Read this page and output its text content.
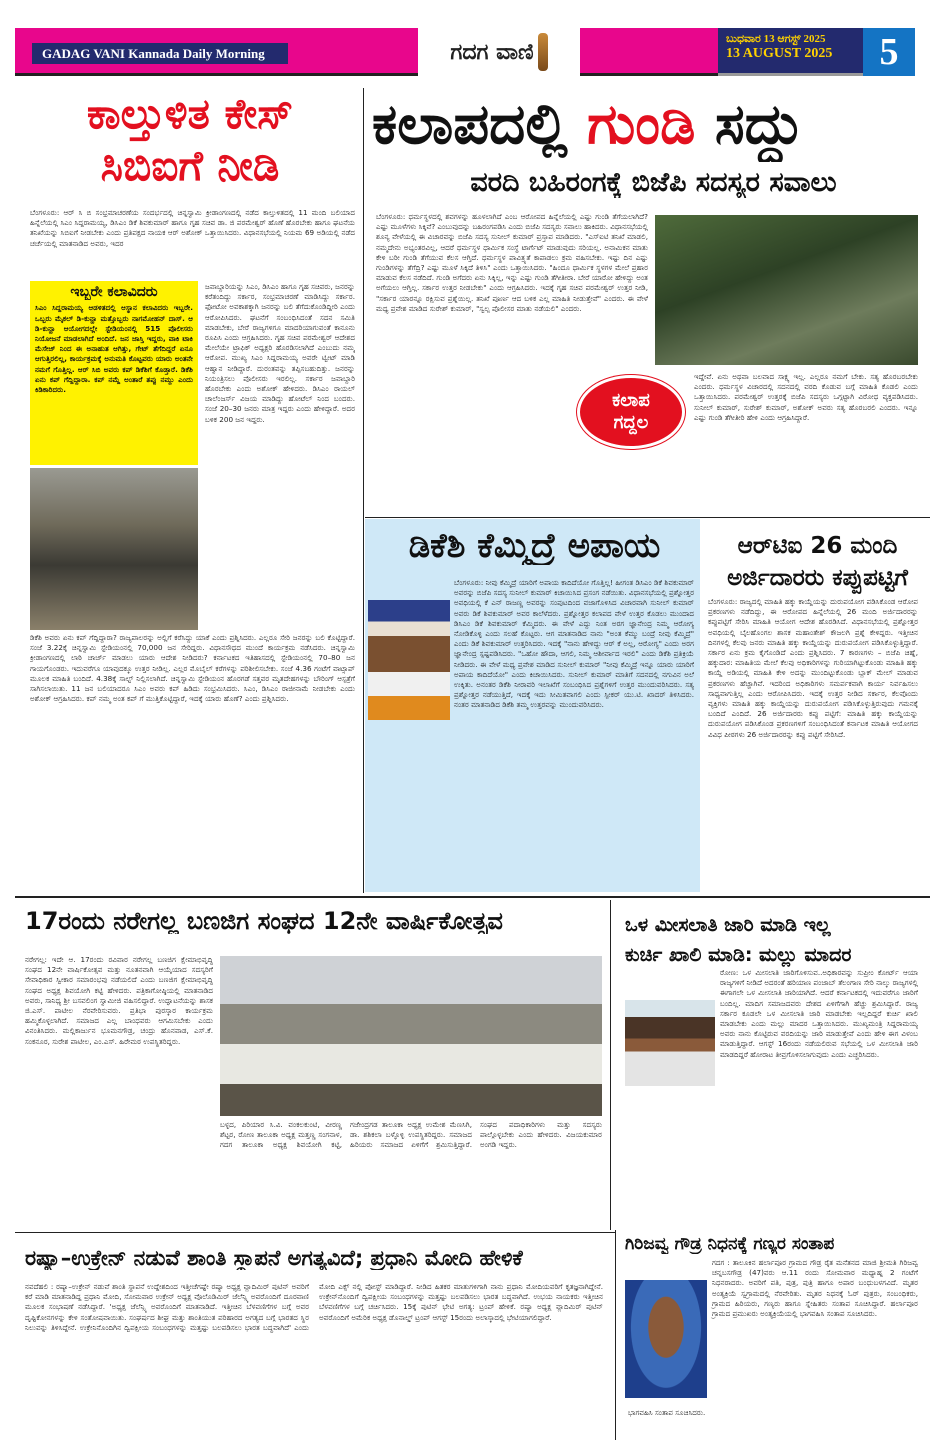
GADAG VANI Kannada Daily Morning	ಗದಗ ವಾಣಿ
ಬುಧವಾರ 13 ಆಗಸ್ಟ್ 2025
13 AUGUST 2025	5
ಕಾಲ್ತುಳಿತ ಕೇಸ್
ಸಿಬಿಐಗೆ ನೀಡಿ
ಬೆಂಗಳೂರು: ಆರ್ ಸಿ ಬಿ ಸಂಭ್ರಮಾಚರಣೆಯ ಸಂದರ್ಭದಲ್ಲಿ ಚಿನ್ನಸ್ವಾಮಿ ಕ್ರೀಡಾಂಗಣದಲ್ಲಿ ನಡೆದ ಕಾಲ್ತುಳಿತದಲ್ಲಿ 11 ಮಂದಿ ಬಲಿಯಾದ ಹಿನ್ನೆಲೆಯಲ್ಲಿ ಸಿಎಂ ಸಿದ್ದರಾಮಯ್ಯ, ಡಿಸಿಎಂ ಡಿಕೆ ಶಿವಕುಮಾರ್ ಹಾಗೂ ಗೃಹ ಸಚಿವ ಡಾ. ಜಿ ಪರಮೇಶ್ವರ್ ಹೊಣೆ ಹೊರಬೇಕು ಹಾಗೂ ಘಟನೆಯ ತನಿಖೆಯನ್ನು ಸಿಬಿಐಗೆ ನೀಡಬೇಕು ಎಂದು ಪ್ರತಿಪಕ್ಷದ ನಾಯಕ ಆರ್ ಅಶೋಕ್ ಒತ್ತಾಯಿಸಿದರು. ವಿಧಾನಸಭೆಯಲ್ಲಿ ನಿಯಮ 69 ಅಡಿಯಲ್ಲಿ ನಡೆದ ಚರ್ಚೆಯಲ್ಲಿ ಮಾತನಾಡಿದ ಅವರು, ಇದರ
ಇಬ್ಬರೇ ಕಲಾವಿದರು
ಸಿಎಂ ಸಿದ್ದರಾಮಯ್ಯ ಆಡಳಿತದಲ್ಲಿ ಆಸ್ಥಾನ ಕಲಾವಿದರು ಇಬ್ಬರೇ. ಒಬ್ಬರು ಮೈಕಲ್ ಡಿ-ಕುನ್ಹಾ ಮತ್ತೊಬ್ಬರು ನಾಗಮೋಹನ್ ದಾಸ್. ಆ ಡಿ-ಕುನ್ಹಾ ಆಯೋಗದಲ್ಲೇ ಸ್ಟೇಡಿಯಂನಲ್ಲಿ 515 ಪೊಲೀಸರು ನಿಯೋಜನೆ ಮಾಡಲಾಗಿದೆ ಅಂದಿದೆ. ಜನ ಜಾಸ್ತಿ ಇದ್ದರು, ವಾಕಿ ಟಾಕಿ ಮೆಸೇಜ್ ನಿಂದ ಈ ಅನಾಹುತ ಆಗಿತ್ತು, ಗೇಟ್ ತೆಗೆದಿದ್ದರೆ ಏನೂ ಆಗುತ್ತಿರಲಿಲ್ಲ, ಕಾರ್ಯಕ್ರಮಕ್ಕೆ ಅನುಮತಿ ಕೊಟ್ಟವರು ಯಾರು ಅಂತನೇ ನಮಗೆ ಗೊತ್ತಿಲ್ಲ. ಆರ್ ಸಿಬಿ ಅವರು ಕಪ್ ಡಿಕೆಶಿಗೆ ಕೊಡ್ತಾರೆ. ಡಿಕೆಶಿ ಏನು ಕಪ್ ಗೆದ್ದಿದ್ದಾರಾ. ಕಪ್ ನಮ್ದೆ ಅಂತಾರೆ ತಪ್ಪು ನಮ್ದು ಎಂದು ಕಿಡಿಕಾರಿದರು.
ಜವಾಬ್ದಾರಿಯನ್ನು ಸಿಎಂ, ಡಿಸಿಎಂ ಹಾಗೂ ಗೃಹ ಸಚಿವರು, ಜನರನ್ನು ಕರೆತಂದಿದ್ದು ಸರ್ಕಾರ, ಸಂಭ್ರಮಾಚರಣೆ ಮಾಡಿಸಿದ್ದು ಸರ್ಕಾರ. ಫೋಟೋ ಅವಕಾಶಕ್ಕಾಗಿ ಜನರನ್ನು ಬಲಿ ತೆಗೆದುಕೊಂಡಿದ್ದೀರಿ ಎಂದು ಆರೋಪಿಸಿದರು. ಘಟನೆಗೆ ಸಂಬಂಧಿಸಿದಂತೆ ಸದನ ಸಮಿತಿ ಮಾಡಬೇಕು, ಬೇರೆ ರಾಜ್ಯಗಳಿಗೂ ಮಾದರಿಯಾಗುವಂತೆ ಕಾನೂನು ರೂಪಿಸಿ ಎಂದು ಆಗ್ರಹಿಸಿದರು. ಗೃಹ ಸಚಿವ ಪರಮೇಶ್ವರ್ ಆದೇಶದ ಮೇಲೆಯೇ ಟ್ರಾಫಿಕ್ ಅಧ್ಯಕ್ಷರಿ ಹೊರಡಿಸಲಾಗಿದೆ ಎಂಬುದು ನಮ್ಮ ಆರೋಪ. ಮುಖ್ಯ ಸಿಎಂ ಸಿದ್ದರಾಮಯ್ಯ ಅವರೇ ಟ್ವೀಟ್ ಮಾಡಿ ಆಹ್ವಾನ ನೀಡಿದ್ದಾರೆ. ದುರಂತವನ್ನು ತಪ್ಪಿಸಬಹುದಿತ್ತು. ಜನರನ್ನು ನಿಯಂತ್ರಿಸಲು ಪೊಲೀಸರು ಇರಲಿಲ್ಲ. ಸರ್ಕಾರ ಜವಾಬ್ದಾರಿ ಹೊರಬೇಕು ಎಂದು ಅಶೋಕ್ ಹೇಳಿದರು. ಡಿಸಿಎಂ ರಾಯಲ್ ಚಾಲೆಂಜರ್ಸ್ ವಿಜಯ ಮಾಡಿದ್ದು ಹೋಟೆಲ್ ನಿಂದ ಬಂದರು. ಸಂಜೆ 20–30 ಜನರು ಮಾತ್ರ ಇದ್ದರು ಎಂದು ಹೇಳಿದ್ದಾರೆ. ಅದರ ಬಳಿಕ 200 ಜನ ಇದ್ದರು.
ಡಿಕೆಶಿ ಅವರು ಏನು ಕಪ್ ಗೆದ್ದಿದ್ದಾರಾ? ರಾಜ್ಯಪಾಲರನ್ನು ಅಲ್ಲಿಗೆ ಕರೆಸಿದ್ದು ಯಾಕೆ ಎಂದು ಪ್ರಶ್ನಿಸಿದರು. ಎಲ್ಲರೂ ಸೇರಿ ಜನರನ್ನು ಬಲಿ ಕೊಟ್ಟಿದ್ದಾರೆ. ಸಂಜೆ 3.22ಕ್ಕೆ ಚಿನ್ನಸ್ವಾಮಿ ಸ್ಟೇಡಿಯಂನಲ್ಲಿ 70,000 ಜನ ಸೇರಿದ್ದರು. ವಿಧಾನಸೌಧದ ಮುಂದೆ ಕಾರ್ಯಕ್ರಮ ನಡೆಸಿದರು. ಚಿನ್ನಸ್ವಾಮಿ ಕ್ರೀಡಾಂಗಣದಲ್ಲಿ ಲಾಠಿ ಚಾರ್ಜ್ ಮಾಡಲು ಯಾರು ಆದೇಶ ನೀಡಿದರು? ಕರ್ನಾಟಕದ ಇತಿಹಾಸದಲ್ಲಿ ಸ್ಟೇಡಿಯಂನಲ್ಲಿ 70–80 ಜನ ಗಾಯಗೊಂಡರು. ಇದುವರೆಗೂ ಯಾವುದಕ್ಕೂ ಉತ್ತರ ನೀಡಿಲ್ಲ. ಎಲ್ಲರ ಮೊಬೈಲ್ ಕರೆಗಳನ್ನು ಪರಿಶೀಲಿಸಬೇಕು. ಸಂಜೆ 4.36 ಗಂಟೆಗೆ ವಾಟ್ಸಾಪ್ ಮೂಲಕ ಮಾಹಿತಿ ಬಂದಿದೆ. 4.38ಕ್ಕೆ ಸಾಲ್ಟ್ ನಿಲ್ಲಿಸಲಾಗಿದೆ. ಚಿನ್ನಸ್ವಾಮಿ ಸ್ಟೇಡಿಯಂನ ಹೊರಗಡೆ ಸತ್ತವರ ಮೃತದೇಹಗಳನ್ನು ಬೌರಿಂಗ್ ಆಸ್ಪತ್ರೆಗೆ ಸಾಗಿಸಲಾಯಿತು. 11 ಜನ ಬಲಿಯಾದರೂ ಸಿಎಂ ಅವರು ಕಪ್ ಹಿಡಿದು ಸಂಭ್ರಮಿಸಿದರು. ಸಿಎಂ, ಡಿಸಿಎಂ ರಾಜೀನಾಮೆ ನೀಡಬೇಕು ಎಂದು ಅಶೋಕ್ ಆಗ್ರಹಿಸಿದರು. ಕಪ್ ನಮ್ಮ ಅಂತ ಕಪ್ ಗೆ ಮುತ್ತಿಕೊಟ್ಟಿದ್ದಾರೆ, ಇದಕ್ಕೆ ಯಾರು ಹೊಣೆ? ಎಂದು ಪ್ರಶ್ನಿಸಿದರು.
ಕಲಾಪದಲ್ಲಿ ಗುಂಡಿ ಸದ್ದು
ವರದಿ ಬಹಿರಂಗಕ್ಕೆ ಬಿಜೆಪಿ ಸದಸ್ಯರ ಸವಾಲು
ಬೆಂಗಳೂರು: ಧರ್ಮಸ್ಥಳದಲ್ಲಿ ಶವಗಳನ್ನು ಹೂಳಲಾಗಿದೆ ಎಂಬ ಆರೋಪದ ಹಿನ್ನೆಲೆಯಲ್ಲಿ ಎಷ್ಟು ಗುಂಡಿ ತೆಗೆಯಲಾಗಿದೆ? ಎಷ್ಟು ಮೂಳೆಗಳು ಸಿಕ್ಕಿವೆ? ಎಂಬುವುದನ್ನು ಬಹಿರಂಗಪಡಿಸಿ ಎಂದು ಬಿಜೆಪಿ ಸದಸ್ಯರು ಸವಾಲು ಹಾಕಿದರು. ವಿಧಾನಸಭೆಯಲ್ಲಿ ಶೂನ್ಯ ವೇಳೆಯಲ್ಲಿ ಈ ವಿಚಾರವನ್ನು ಬಿಜೆಪಿ ಸದಸ್ಯ ಸುನೀಲ್ ಕುಮಾರ್ ಪ್ರಸ್ತಾಪ ಮಾಡಿದರು. "ಎಸ್ಐಟಿ ತನಿಖೆ ಮಾಡಲಿ, ನಮ್ಮದೇನು ಅಭ್ಯಂತರವಿಲ್ಲ, ಆದರೆ ಧರ್ಮಸ್ಥಳ ಧಾರ್ಮಿಕ ಸಂಸ್ಥೆ ಟಾರ್ಗೆಟ್ ಮಾಡುವುದು ಸರಿಯಲ್ಲ. ಅನಾಮಿಕನ ಮಾತು ಕೇಳಿ ಬರೀ ಗುಂಡಿ ತೆಗೆಯುವ ಕೆಲಸ ಆಗ್ತಿದೆ. ಧರ್ಮಸ್ಥಳ ಪಾವಿತ್ರ್ಯತೆ ಕಾಪಾಡಲು ಕ್ರಮ ವಹಿಸಬೇಕು. ಇಷ್ಟು ದಿನ ಎಷ್ಟು ಗುಂಡಿಗಳನ್ನು ತೆಗೆದ್ರಿ? ಎಷ್ಟು ಮೂಳೆ ಸಿಕ್ಕಿದೆ ತಿಳಿಸಿ" ಎಂದು ಒತ್ತಾಯಿಸಿದರು. "ಹಿಂದೂ ಧಾರ್ಮಿಕ ಸ್ಥಳಗಳ ಮೇಲೆ ಪ್ರಹಾರ ಮಾಡುವ ಕೆಲಸ ನಡೆದಿದೆ. ಗುಂಡಿ ಅಗೆದರು ಏನು ಸಿಕ್ಕಿಲ್ಲ, ಇನ್ನು ಎಷ್ಟು ಗುಂಡಿ ತೆಗೀತೀರಾ. ಬೇರೆ ಯಾರೋ ಹೇಳಿದ್ದು ಅಂತ ಅಗೆಯಲು ಆಗ್ತಿಲ್ಲ. ಸರ್ಕಾರ ಉತ್ತರ ನೀಡಬೇಕು" ಎಂದು ಆಗ್ರಹಿಸಿದರು. ಇದಕ್ಕೆ ಗೃಹ ಸಚಿವ ಪರಮೇಶ್ವರ್ ಉತ್ತರ ನೀಡಿ, "ಸರ್ಕಾರ ಯಾರನ್ನೂ ರಕ್ಷಿಸುವ ಪ್ರಶ್ನೆಯಿಲ್ಲ. ತನಿಖೆ ಪೂರ್ಣ ಆದ ಬಳಿಕ ಎಲ್ಲ ಮಾಹಿತಿ ನೀಡುತ್ತೇವೆ" ಎಂದರು. ಈ ವೇಳೆ ಮಧ್ಯ ಪ್ರವೇಶ ಮಾಡಿದ ಸುರೇಶ್ ಕುಮಾರ್, "ಸ್ವಲ್ಪ ಪೊಲೀಸರ ಮಾತು ನಡೆಯಲಿ" ಎಂದರು.
ಕಲಾಪ
ಗದ್ದಲ
ಇದ್ದೇವೆ. ಏನು ಅಥವಾ ಬಲವಾದ ಸಾಕ್ಷ್ಯ ಇಲ್ಲ. ಎಲ್ಲರೂ ನಮಗೆ ಬೇಕು. ಸತ್ಯ ಹೊರಬರಬೇಕು ಎಂದರು. ಧರ್ಮಸ್ಥಳ ವಿಚಾರದಲ್ಲಿ ಸದನದಲ್ಲಿ ವರದಿ ಕೊಡುವ ಬಗ್ಗೆ ಮಾಹಿತಿ ಕೊಡಲಿ ಎಂದು ಒತ್ತಾಯಿಸಿದರು. ಪರಮೇಶ್ವರ್ ಉತ್ತರಕ್ಕೆ ಬಿಜೆಪಿ ಸದಸ್ಯರು ಒಗ್ಗಟ್ಟಾಗಿ ವಿರೋಧ ವ್ಯಕ್ತಪಡಿಸಿದರು. ಸುನೀಲ್ ಕುಮಾರ್, ಸುರೇಶ್ ಕುಮಾರ್, ಅಶೋಕ್ ಅವರು ಸತ್ಯ ಹೊರಬರಲಿ ಎಂದರು. ಇನ್ನೂ ಎಷ್ಟು ಗುಂಡಿ ತೆಗೀತೀರಿ ಹೇಳಿ ಎಂದು ಆಗ್ರಹಿಸಿದ್ದಾರೆ.
ಡಿಕೆಶಿ ಕೆಮ್ಮಿದ್ರೆ ಅಪಾಯ
ಬೆಂಗಳೂರು: ನೀವು ಕೆಮ್ಮಿದ್ರೆ ಯಾರಿಗೆ ಅಪಾಯ ಕಾದಿದೆಯೋ ಗೊತ್ತಿಲ್ಲ! ಹೀಗಂತ ಡಿಸಿಎಂ ಡಿಕೆ ಶಿವಕುಮಾರ್ ಅವರನ್ನು ಬಿಜೆಪಿ ಸದಸ್ಯ ಸುನೀಲ್ ಕುಮಾರ್ ಕಿಚಾಯಿಸಿದ ಪ್ರಸಂಗ ನಡೆಯಿತು. ವಿಧಾನಸಭೆಯಲ್ಲಿ ಪ್ರಶ್ನೋತ್ತರ ಅವಧಿಯಲ್ಲಿ ಕೆ ಎನ್ ರಾಜಣ್ಣ ಅವರನ್ನು ಸಂಪುಟದಿಂದ ವಜಾಗೊಳಿಸಿದ ವಿಚಾರವಾಗಿ ಸುನೀಲ್ ಕುಮಾರ್ ಅವರು ಡಿಕೆ ಶಿವಕುಮಾರ್ ಅವರ ಕಾಲೆಳೆದರು. ಪ್ರಶ್ನೋತ್ತರ ಕಲಾಪದ ವೇಳೆ ಉತ್ತರ ಕೊಡಲು ಮುಂದಾದ ಡಿಸಿಎಂ ಡಿಕೆ ಶಿವಕುಮಾರ್ ಕೆಮ್ಮಿದರು. ಈ ವೇಳೆ ಎದ್ದು ನಿಂತ ಅರಗ ಜ್ಞಾನೇಂದ್ರ ನಿಮ್ಮ ಆರೋಗ್ಯ ನೋಡಿಕೊಳ್ಳಿ ಎಂದು ಸಲಹೆ ಕೊಟ್ಟರು. ಆಗ ಮಾತನಾಡಿದ ನಾನು "ಅಂತ ಕೆಮ್ಮು ಬಂದ್ರೆ ನೀವು ಕೆಮ್ಮಿದ್ರೆ" ಎಂದು ಡಿಕೆ ಶಿವಕುಮಾರ್ ಉತ್ತರಿಸಿದರು. ಇದಕ್ಕೆ "ನಾನು ಹೇಳಿದ್ದು ಆರ್ ಕೆ ಅಲ್ಲ, ಆರೋಗ್ಯ" ಎಂದು ಅರಗ ಜ್ಞಾನೇಂದ್ರ ಸ್ಪಷ್ಟಪಡಿಸಿದರು. "ಒಹೋ ಹೌದಾ, ಆಗಲಿ, ನಿಮ್ಮ ಆಶೀರ್ವಾದ ಇರಲಿ" ಎಂದು ಡಿಕೆಶಿ ಪ್ರತಿಕ್ರಿಯೆ ನೀಡಿದರು. ಈ ವೇಳೆ ಮಧ್ಯ ಪ್ರವೇಶ ಮಾಡಿದ ಸುನೀಲ್ ಕುಮಾರ್ "ನೀವು ಕೆಮ್ಮಿದ್ರೆ ಇನ್ನೂ ಯಾರು ಯಾರಿಗೆ ಅಪಾಯ ಕಾದಿದೆಯೋ" ಎಂದು ಕಿಚಾಯಿಸಿದರು. ಸುನೀಲ್ ಕುಮಾರ್ ಮಾತಿಗೆ ಸದನದಲ್ಲಿ ನಗುವಿನ ಅಲೆ ಉಕ್ಕಿತು. ಅನಂತರ ಡಿಕೆಶಿ ನೀರಾವರಿ ಇಲಾಖೆಗೆ ಸಂಬಂಧಿಸಿದ ಪ್ರಶ್ನೆಗಳಿಗೆ ಉತ್ತರ ಮುಂದುವರಿಸಿದರು. ಸತ್ಯ ಪ್ರಶ್ನೋತ್ತರ ನಡೆಯುತ್ತಿದೆ, ಇದಕ್ಕೆ ಇದು ಸೀಮಿತವಾಗಲಿ ಎಂದು ಸ್ಪೀಕರ್ ಯು.ಟಿ. ಖಾದರ್ ತಿಳಿಸಿದರು. ನಂತರ ಮಾತನಾಡಿದ ಡಿಕೆಶಿ ತಮ್ಮ ಉತ್ತರವನ್ನು ಮುಂದುವರಿಸಿದರು.
ಆರ್‌ಟಿಐ 26 ಮಂದಿ
ಅರ್ಜಿದಾರರು ಕಪ್ಪುಪಟ್ಟಿಗೆ
ಬೆಂಗಳೂರು: ರಾಜ್ಯದಲ್ಲಿ ಮಾಹಿತಿ ಹಕ್ಕು ಕಾಯ್ದೆಯನ್ನು ದುರುಪಯೋಗ ಪಡಿಸಿಕೊಂಡ ಆರೋಪ ಪ್ರಕರಣಗಳು ನಡೆದಿದ್ದು, ಈ ಆರೋಪದ ಹಿನ್ನೆಲೆಯಲ್ಲಿ 26 ಮಂದಿ ಅರ್ಜಿದಾರರನ್ನು ಕಪ್ಪುಪಟ್ಟಿಗೆ ಸೇರಿಸಿ ಮಾಹಿತಿ ಆಯೋಗ ಆದೇಶ ಹೊರಡಿಸಿದೆ. ವಿಧಾನಸಭೆಯಲ್ಲಿ ಪ್ರಶ್ನೋತ್ತರ ಅವಧಿಯಲ್ಲಿ ಬೈಲಹೊಂಗಲ ಶಾಸಕ ಮಹಾಂತೇಶ್ ಕೌಜಲಗಿ ಪ್ರಶ್ನೆ ಕೇಳಿದ್ದರು. ಇತ್ತೀಚಿನ ದಿನಗಳಲ್ಲಿ ಕೆಲವು ಜನರು ಮಾಹಿತಿ ಹಕ್ಕು ಕಾಯ್ದೆಯನ್ನು ದುರುಪಯೋಗ ಪಡಿಸಿಕೊಳ್ಳುತ್ತಿದ್ದಾರೆ. ಸರ್ಕಾರ ಏನು ಕ್ರಮ ಕೈಗೊಂಡಿದೆ ಎಂದು ಪ್ರಶ್ನಿಸಿದರು. 7 ಕಾರಣಗಳು – ಬಿಜೆಪಿ ಚಿಹ್ನೆ, ಹಕ್ಕುದಾರ: ಮಾಹಿತಿಯ ಮೇಲೆ ಕೆಲವು ಅಧಿಕಾರಿಗಳನ್ನು ಗುರಿಯಾಗಿಟ್ಟುಕೊಂಡು ಮಾಹಿತಿ ಹಕ್ಕು ಕಾಯ್ದೆ ಅಡಿಯಲ್ಲಿ ಮಾಹಿತಿ ಕೇಳಿ ಅದನ್ನು ಮುಂದಿಟ್ಟುಕೊಂಡು ಬ್ಲಾಕ್ ಮೇಲ್ ಮಾಡುವ ಪ್ರಕರಣಗಳು ಹೆಚ್ಚಾಗಿವೆ. ಇದರಿಂದ ಅಧಿಕಾರಿಗಳು ಸಮರ್ಪಕವಾಗಿ ಕಾರ್ಯ ನಿರ್ವಹಿಸಲು ಸಾಧ್ಯವಾಗುತ್ತಿಲ್ಲ ಎಂದು ಆರೋಪಿಸಿದರು. ಇದಕ್ಕೆ ಉತ್ತರ ನೀಡಿದ ಸರ್ಕಾರ, ಕೆಲವೊಂದು ವ್ಯಕ್ತಿಗಳು ಮಾಹಿತಿ ಹಕ್ಕು ಕಾಯ್ದೆಯನ್ನು ದುರುಪಯೋಗ ಪಡಿಸಿಕೊಳ್ಳುತ್ತಿರುವುದು ಗಮನಕ್ಕೆ ಬಂದಿದೆ ಎಂದಿದೆ. 26 ಅರ್ಜಿದಾರರು ಕಪ್ಪು ಪಟ್ಟಿಗೆ: ಮಾಹಿತಿ ಹಕ್ಕು ಕಾಯ್ದೆಯನ್ನು ದುರುಪಯೋಗ ಪಡಿಸಿಕೊಂಡ ಪ್ರಕರಣಗಳಿಗೆ ಸಂಬಂಧಿಸಿದಂತೆ ಕರ್ನಾಟಕ ಮಾಹಿತಿ ಆಯೋಗದ ವಿವಿಧ ಪೀಠಗಳು 26 ಅರ್ಜಿದಾರರನ್ನು ಕಪ್ಪು ಪಟ್ಟಿಗೆ ಸೇರಿಸಿದೆ.
17ರಂದು ನರೇಗಲ್ಲ ಬಣಜಿಗ ಸಂಘದ 12ನೇ ವಾರ್ಷಿಕೋತ್ಸವ
ನರೇಗಲ್ಲ: ಇದೇ ಆ. 17ರಂದು ರವಿವಾರ ನರೇಗಲ್ಲ ಬಣಜಿಗ ಕ್ಷೇಮಾಭಿವೃದ್ಧಿ ಸಂಘದ 12ನೇ ವಾರ್ಷಿಕೋತ್ಸವ ಮತ್ತು ನೂತನವಾಗಿ ಆಯ್ಕೆಯಾದ ಸದಸ್ಯರಿಗೆ ಸೇವಾಧಿಕಾರ ಸ್ವೀಕಾರ ಸಮಾರಂಭವು ನಡೆಯಲಿದೆ ಎಂದು ಬಣಜಿಗ ಕ್ಷೇಮಾಭಿವೃದ್ಧಿ ಸಂಘದ ಅಧ್ಯಕ್ಷ ಶಿವಯೋಗಿ ಕಟ್ಟಿ ಹೇಳಿದರು. ಪತ್ರಿಕಾಗೋಷ್ಠಿಯಲ್ಲಿ ಮಾತನಾಡಿದ ಅವರು, ಸಾನಿಧ್ಯ ಶ್ರೀ ಬಸವಲಿಂಗ ಸ್ವಾಮೀಜಿ ವಹಿಸಲಿದ್ದಾರೆ. ಉದ್ಘಾಟನೆಯನ್ನು ಶಾಸಕ ಜಿ.ಎಸ್. ಪಾಟೀಲ ನೆರವೇರಿಸುವರು. ಪ್ರತಿಭಾ ಪುರಸ್ಕಾರ ಕಾರ್ಯಕ್ರಮ ಹಮ್ಮಿಕೊಳ್ಳಲಾಗಿದೆ. ಸಮಾಜದ ಎಲ್ಲ ಬಾಂಧವರು ಆಗಮಿಸಬೇಕು ಎಂದು ವಿನಂತಿಸಿದರು. ಮಲ್ಲಿಕಾರ್ಜುನ ಭೂಮನಗೌಡ್ರ, ಚಂದ್ರು ಹೊನವಾಡ, ಎಸ್.ಕೆ. ಸಂಕನೂರ, ಸುರೇಶ ಪಾಟೀಲ, ಎಂ.ಎಸ್. ಹಿರೇಮಠ ಉಪಸ್ಥಿತರಿದ್ದರು.
ಬಳ್ಳದ, ಪಿರಿಯಾರ ಸಿ.ವಿ. ವಂಕಲಕುಂಟಿ, ವೀರಣ್ಣ ಶೆಟ್ಟರ, ರೋಣ ತಾಲೂಕಾ ಅಧ್ಯಕ್ಷ ಮತ್ತಣ್ಣ ಸಂಗನಾಳ, ಗದಗ ತಾಲೂಕಾ ಅಧ್ಯಕ್ಷ ಶಿವಯೋಗಿ ಕಟ್ಟಿ, ಗಜೇಂದ್ರಗಡ ತಾಲೂಕಾ ಅಧ್ಯಕ್ಷ ಉಮೇಶ ಮೆಣಸಿಗಿ, ಡಾ. ಶಶಿಕಲಾ ಬಳ್ಳೊಳ್ಳಿ ಉಪಸ್ಥಿತರಿದ್ದರು. ಸಮಾಜದ ಹಿರಿಯರು ಸಮಾಜದ ಏಳಿಗೆಗೆ ಶ್ರಮಿಸುತ್ತಿದ್ದಾರೆ. ಸಂಘದ ಪದಾಧಿಕಾರಿಗಳು ಮತ್ತು ಸದಸ್ಯರು ಪಾಲ್ಗೊಳ್ಳಬೇಕು ಎಂದು ಹೇಳಿದರು. ವಿಜಯಕುಮಾರ ಅಂಗಡಿ ಇದ್ದರು.
ಒಳ ಮೀಸಲಾತಿ ಜಾರಿ ಮಾಡಿ ಇಲ್ಲ
ಕುರ್ಚಿ ಖಾಲಿ ಮಾಡಿ: ಮಲ್ಲು ಮಾದರ
ರೋಣ: ಒಳ ಮೀಸಲಾತಿ ಜಾರಿಗೊಳಿಸುವ..ಅಧಿಕಾರವನ್ನು ಸುಪ್ರೀಂ ಕೋರ್ಟ್ ಆಯಾ ರಾಜ್ಯಗಳಿಗೆ ನೀಡಿದೆ ಅದರಂತೆ ಹರಿಯಾಣ ಪಂಜಾಬ್ ತೆಲಂಗಾಣ ಸೇರಿ ನಾಲ್ಕು ರಾಜ್ಯಗಳಲ್ಲಿ ಈಗಾಗಲೇ ಒಳ ಮೀಸಲಾತಿ ಜಾರಿಯಾಗಿದೆ. ಆದರೆ ಕರ್ನಾಟಕದಲ್ಲಿ ಇದುವರೆಗೂ ಜಾರಿಗೆ ಬಂದಿಲ್ಲ. ಮಾದಿಗ ಸಮಾಜದವರು ದೇಶದ ಏಳಿಗೆಗಾಗಿ ಹೆಚ್ಚು ಶ್ರಮಿಸಿದ್ದಾರೆ. ರಾಜ್ಯ ಸರ್ಕಾರ ಕೂಡಲೇ ಒಳ ಮೀಸಲಾತಿ ಜಾರಿ ಮಾಡಬೇಕು ಇಲ್ಲದಿದ್ದರೆ ಕುರ್ಚಿ ಖಾಲಿ ಮಾಡಬೇಕು ಎಂದು ಮಲ್ಲು ಮಾದರ ಒತ್ತಾಯಿಸಿದರು. ಮುಖ್ಯಮಂತ್ರಿ ಸಿದ್ದರಾಮಯ್ಯ ಅವರು ನಾನು ಕೊಟ್ಟಿರುವ ವರದಿಯನ್ನು ಜಾರಿ ಮಾಡುತ್ತೇವೆ ಎಂದು ಹೇಳಿ ಈಗ ವಿಳಂಬ ಮಾಡುತ್ತಿದ್ದಾರೆ. ಆಗಸ್ಟ್ 16ರಂದು ನಡೆಯಲಿರುವ ಸಭೆಯಲ್ಲಿ ಒಳ ಮೀಸಲಾತಿ ಜಾರಿ ಮಾಡದಿದ್ದರೆ ಹೋರಾಟ ತೀವ್ರಗೊಳಿಸಲಾಗುವುದು ಎಂದು ಎಚ್ಚರಿಸಿದರು.
ರಷ್ಯಾ–ಉಕ್ರೇನ್ ನಡುವೆ ಶಾಂತಿ ಸ್ಥಾಪನೆ ಅಗತ್ಯವಿದೆ; ಪ್ರಧಾನಿ ಮೋದಿ ಹೇಳಿಕೆ
ನವದೆಹಲಿ : ರಷ್ಯಾ–ಉಕ್ರೇನ್ ನಡುವೆ ಶಾಂತಿ ಸ್ಥಾಪನೆ ಉದ್ದೇಶದಿಂದ ಇತ್ತೀಚೆಗಷ್ಟೇ ರಷ್ಯಾ ಅಧ್ಯಕ್ಷ ವ್ಲಾದಿಮಿರ್ ಪುಟಿನ್ ಅವರಿಗೆ ಕರೆ ಮಾಡಿ ಮಾತನಾಡಿದ್ದ ಪ್ರಧಾನಿ ಮೋದಿ, ಸೋಮವಾರ ಉಕ್ರೇನ್ ಅಧ್ಯಕ್ಷ ವೊಲೊಡಿಮಿರ್ ಜೆಲೆನ್ಸ್ಕಿ ಅವರೊಂದಿಗೆ ದೂರವಾಣಿ ಮೂಲಕ ಸಂಭಾಷಣೆ ನಡೆಸಿದ್ದಾರೆ. 'ಅಧ್ಯಕ್ಷ ಜೆಲೆನ್ಸ್ಕಿ ಅವರೊಂದಿಗೆ ಮಾತನಾಡಿದೆ. ಇತ್ತೀಚಿನ ಬೆಳವಣಿಗೆಗಳ ಬಗ್ಗೆ ಅವರ ದೃಷ್ಟಿಕೋನಗಳನ್ನು ಕೇಳಿ ಸಂತೋಷವಾಯಿತು. ಸಂಘರ್ಷದ ಶೀಘ್ರ ಮತ್ತು ಶಾಂತಿಯುತ ಪರಿಹಾರದ ಅಗತ್ಯದ ಬಗ್ಗೆ ಭಾರತದ ಸ್ಥಿರ ನಿಲುವನ್ನು ತಿಳಿಸಿದ್ದೇನೆ. ಉಕ್ರೇನಿನೊಂದಿಗಿನ ದ್ವಿಪಕ್ಷೀಯ ಸಂಬಂಧಗಳನ್ನು ಮತ್ತಷ್ಟು ಬಲಪಡಿಸಲು ಭಾರತ ಬದ್ಧವಾಗಿದೆ' ಎಂದು ಮೋದಿ ಎಕ್ಸ್ ನಲ್ಲಿ ಪೋಸ್ಟ್ ಮಾಡಿದ್ದಾರೆ. ನೀಡಿದ ಹಿತಕರ ಮಾತುಗಳಿಗಾಗಿ ನಾನು ಪ್ರಧಾನಿ ಮೋದಿಯವರಿಗೆ ಕೃತಜ್ಞನಾಗಿದ್ದೇನೆ. ಉಕ್ರೇನ್‌ನೊಂದಿಗೆ ದ್ವಿಪಕ್ಷೀಯ ಸಂಬಂಧಗಳನ್ನು ಮತ್ತಷ್ಟು ಬಲಪಡಿಸಲು ಭಾರತ ಬದ್ಧವಾಗಿದೆ. ಉಭಯ ನಾಯಕರು ಇತ್ತೀಚಿನ ಬೆಳವಣಿಗೆಗಳ ಬಗ್ಗೆ ಚರ್ಚಿಸಿದರು. 15ಕ್ಕೆ ಪುಟಿನ್ ಭೇಟಿ ಅಗತ್ಯ: ಟ್ರಂಪ್ ಹೇಳಿಕೆ. ರಷ್ಯಾ ಅಧ್ಯಕ್ಷ ವ್ಲಾದಿಮಿರ್ ಪುಟಿನ್ ಅವರೊಂದಿಗೆ ಅಮೆರಿಕ ಅಧ್ಯಕ್ಷ ಡೊನಾಲ್ಡ್ ಟ್ರಂಪ್ ಆಗಸ್ಟ್ 15ರಂದು ಅಲಾಸ್ಕಾದಲ್ಲಿ ಭೇಟಿಯಾಗಲಿದ್ದಾರೆ.
ಗಿರಿಜವ್ವ ಗೌಡ್ರ ನಿಧನಕ್ಕೆ ಗಣ್ಯರ ಸಂತಾಪ
ಗದಗ : ತಾಲೂಕಿನ ಹರ್ಲಾಪೂರ ಗ್ರಾಮದ ಗೌಡ್ರ ರೈತ ಮನೆತನದ ಮಾಜಿ ಶ್ರೀಮತಿ ಗಿರಿಜವ್ವ ಚನ್ನಬಸಗೌಡ್ರ (47)ವರು ಆ.11 ರಂದು ಸೋಮವಾರ ಮಧ್ಯಾಹ್ನ 2 ಗಂಟೆಗೆ ನಿಧನರಾದರು. ಅವರಿಗೆ ಪತಿ, ಪುತ್ರ, ಪುತ್ರಿ ಹಾಗೂ ಅಪಾರ ಬಂಧುಬಳಗವಿದೆ. ಮೃತರ ಅಂತ್ಯಕ್ರಿಯೆ ಸ್ವಗ್ರಾಮದಲ್ಲಿ ನೆರವೇರಿತು. ಮೃತರ ನಿಧನಕ್ಕೆ ಓರ್ ಪುತ್ರರು, ಸಂಬಂಧಿಕರು, ಗ್ರಾಮದ ಹಿರಿಯರು, ಗಣ್ಯರು ಹಾಗೂ ಸ್ನೇಹಿತರು ಸಂತಾಪ ಸೂಚಿಸಿದ್ದಾರೆ. ಹರ್ಲಾಪೂರ ಗ್ರಾಮದ ಪ್ರಮುಖರು ಅಂತ್ಯಕ್ರಿಯೆಯಲ್ಲಿ ಭಾಗವಹಿಸಿ ಸಂತಾಪ ಸೂಚಿಸಿದರು.
ಭಾಗವಹಿಸಿ ಸಂತಾಪ ಸೂಚಿಸಿದರು.
